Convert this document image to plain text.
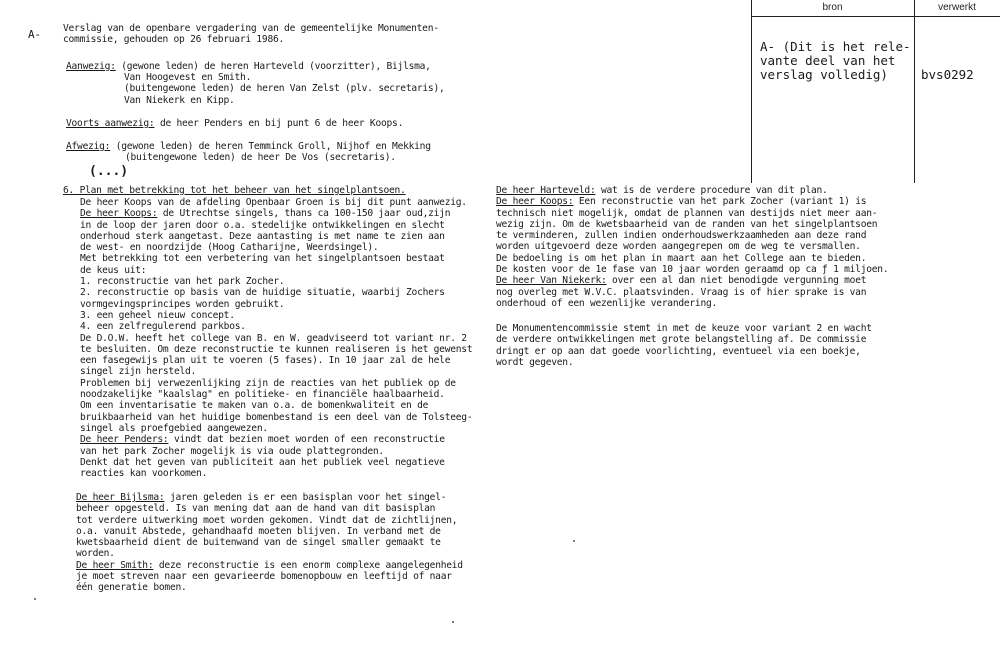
bron	verwerkt
A- (Dit is het rele-
vante deel van het
verslag volledig)	bvs0292
A- Verslag van de openbare vergadering van de gemeentelijke Monumenten-
commissie, gehouden op 26 februari 1986.
Aanwezig: (gewone leden) de heren Harteveld (voorzitter), Bijlsma,
Van Hoogevest en Smith.
(buitengewone leden) de heren Van Zelst (plv. secretaris),
Van Niekerk en Kipp.
Voorts aanwezig: de heer Penders en bij punt 6 de heer Koops.
Afwezig: (gewone leden) de heren Temminck Groll, Nijhof en Mekking
(buitengewone leden) de heer De Vos (secretaris).
(...)
6. Plan met betrekking tot het beheer van het singelplantsoen.
De heer Koops van de afdeling Openbaar Groen is bij dit punt aanwezig.
De heer Koops: de Utrechtse singels, thans ca 100-150 jaar oud,zijn
in de loop der jaren door o.a. stedelijke ontwikkelingen en slecht
onderhoud sterk aangetast. Deze aantasting is met name te zien aan
de west- en noordzijde (Hoog Catharijne, Weerdsingel).
Met betrekking tot een verbetering van het singelplantsoen bestaat
de keus uit:
1. reconstructie van het park Zocher.
2. reconstructie op basis van de huidige situatie, waarbij Zochers
vormgevingsprincipes worden gebruikt.
3. een geheel nieuw concept.
4. een zelfregulerend parkbos.
De D.O.W. heeft het college van B. en W. geadviseerd tot variant nr. 2
te besluiten. Om deze reconstructie te kunnen realiseren is het gewenst
een fasegewijs plan uit te voeren (5 fases). In 10 jaar zal de hele
singel zijn hersteld.
Problemen bij verwezenlijking zijn de reacties van het publiek op de
noodzakelijke "kaalslag" en politieke- en financiële haalbaarheid.
Om een inventarisatie te maken van o.a. de bomenkwaliteit en de
bruikbaarheid van het huidige bomenbestand is een deel van de Tolsteeg-
singel als proefgebied aangewezen.
De heer Penders: vindt dat bezien moet worden of een reconstructie
van het park Zocher mogelijk is via oude plattegronden.
Denkt dat het geven van publiciteit aan het publiek veel negatieve
reacties kan voorkomen.
De heer Bijlsma: jaren geleden is er een basisplan voor het singel-
beheer opgesteld. Is van mening dat aan de hand van dit basisplan
tot verdere uitwerking moet worden gekomen. Vindt dat de zichtlijnen,
o.a. vanuit Abstede, gehandhaafd moeten blijven. In verband met de
kwetsbaarheid dient de buitenwand van de singel smaller gemaakt te
worden.
De heer Smith: deze reconstructie is een enorm complexe aangelegenheid
je moet streven naar een gevarieerde bomenopbouw en leeftijd of naar
één generatie bomen.
De heer Harteveld: wat is de verdere procedure van dit plan.
De heer Koops: Een reconstructie van het park Zocher (variant 1) is
technisch niet mogelijk, omdat de plannen van destijds niet meer aan-
wezig zijn. Om de kwetsbaarheid van de randen van het singelplantsoen
te verminderen, zullen indien onderhoudswerkzaamheden aan deze rand
worden uitgevoerd deze worden aangegrepen om de weg te versmallen.
De bedoeling is om het plan in maart aan het College aan te bieden.
De kosten voor de 1e fase van 10 jaar worden geraamd op ca ƒ 1 miljoen.
De heer Van Niekerk: over een al dan niet benodigde vergunning moet
nog overleg met W.V.C. plaatsvinden. Vraag is of hier sprake is van
onderhoud of een wezenlijke verandering.
De Monumentencommissie stemt in met de keuze voor variant 2 en wacht
de verdere ontwikkelingen met grote belangstelling af. De commissie
dringt er op aan dat goede voorlichting, eventueel via een boekje,
wordt gegeven.
